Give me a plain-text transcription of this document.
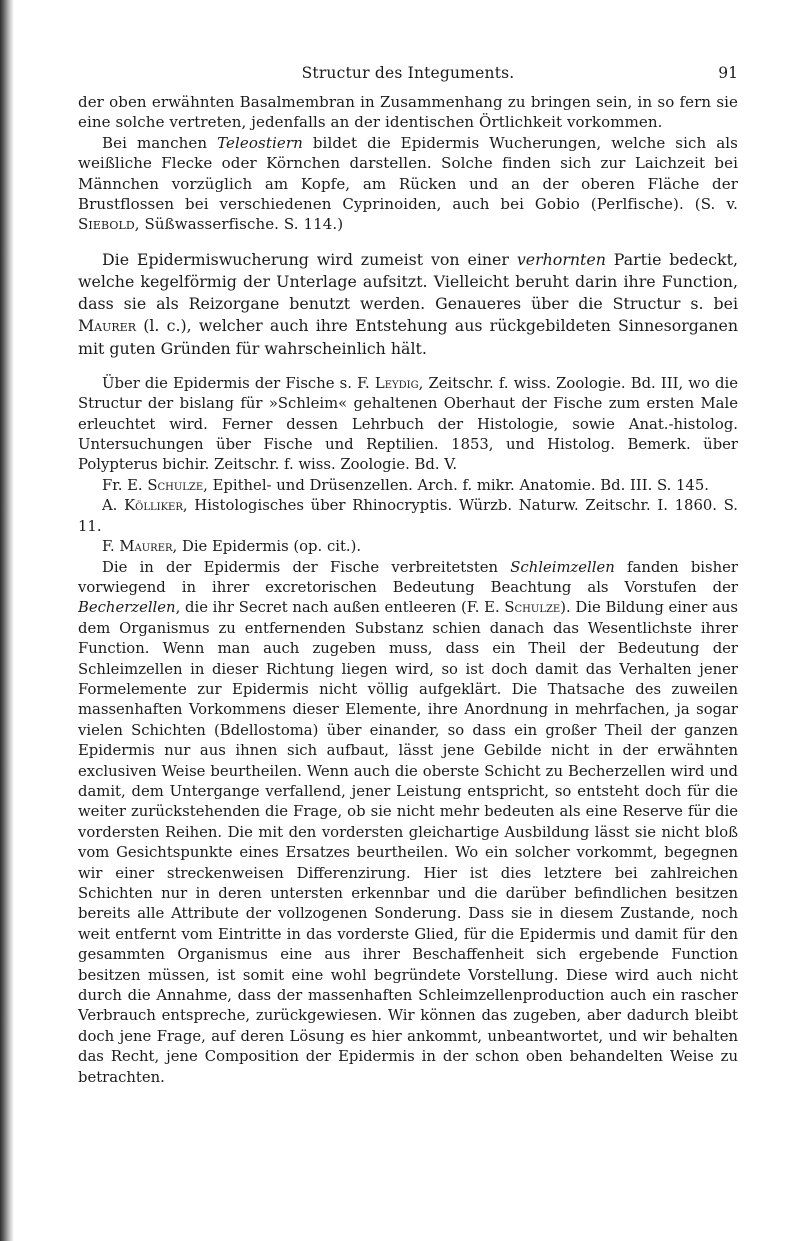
Structur des Integuments.	91

der oben erwähnten Basalmembran in Zusammenhang zu bringen sein, in so fern sie eine solche vertreten, jedenfalls an der identischen Örtlichkeit vorkommen.

Bei manchen Teleostiern bildet die Epidermis Wucherungen, welche sich als weißliche Flecke oder Körnchen darstellen. Solche finden sich zur Laichzeit bei Männchen vorzüglich am Kopfe, am Rücken und an der oberen Fläche der Brustflossen bei verschiedenen Cyprinoiden, auch bei Gobio (Perlfische). (S. v. Siebold, Süßwasserfische. S. 114.)

Die Epidermiswucherung wird zumeist von einer verhornten Partie bedeckt, welche kegelförmig der Unterlage aufsitzt. Vielleicht beruht darin ihre Function, dass sie als Reizorgane benutzt werden. Genaueres über die Structur s. bei Maurer (l. c.), welcher auch ihre Entstehung aus rückgebildeten Sinnesorganen mit guten Gründen für wahrscheinlich hält.

Über die Epidermis der Fische s. F. Leydig, Zeitschr. f. wiss. Zoologie. Bd. III, wo die Structur der bislang für »Schleim« gehaltenen Oberhaut der Fische zum ersten Male erleuchtet wird. Ferner dessen Lehrbuch der Histologie, sowie Anat.-histolog. Untersuchungen über Fische und Reptilien. 1853, und Histolog. Bemerk. über Polypterus bichir. Zeitschr. f. wiss. Zoologie. Bd. V.

Fr. E. Schulze, Epithel- und Drüsenzellen. Arch. f. mikr. Anatomie. Bd. III. S. 145.

A. Kölliker, Histologisches über Rhinocryptis. Würzb. Naturw. Zeitschr. I. 1860. S. 11.

F. Maurer, Die Epidermis (op. cit.).

Die in der Epidermis der Fische verbreitetsten Schleimzellen fanden bisher vorwiegend in ihrer excretorischen Bedeutung Beachtung als Vorstufen der Becherzellen, die ihr Secret nach außen entleeren (F. E. Schulze). Die Bildung einer aus dem Organismus zu entfernenden Substanz schien danach das Wesentlichste ihrer Function. Wenn man auch zugeben muss, dass ein Theil der Bedeutung der Schleimzellen in dieser Richtung liegen wird, so ist doch damit das Verhalten jener Formelemente zur Epidermis nicht völlig aufgeklärt. Die Thatsache des zuweilen massenhaften Vorkommens dieser Elemente, ihre Anordnung in mehrfachen, ja sogar vielen Schichten (Bdellostoma) über einander, so dass ein großer Theil der ganzen Epidermis nur aus ihnen sich aufbaut, lässt jene Gebilde nicht in der erwähnten exclusiven Weise beurtheilen. Wenn auch die oberste Schicht zu Becherzellen wird und damit, dem Untergange verfallend, jener Leistung entspricht, so entsteht doch für die weiter zurückstehenden die Frage, ob sie nicht mehr bedeuten als eine Reserve für die vordersten Reihen. Die mit den vordersten gleichartige Ausbildung lässt sie nicht bloß vom Gesichtspunkte eines Ersatzes beurtheilen. Wo ein solcher vorkommt, begegnen wir einer streckenweisen Differenzirung. Hier ist dies letztere bei zahlreichen Schichten nur in deren untersten erkennbar und die darüber befindlichen besitzen bereits alle Attribute der vollzogenen Sonderung. Dass sie in diesem Zustande, noch weit entfernt vom Eintritte in das vorderste Glied, für die Epidermis und damit für den gesammten Organismus eine aus ihrer Beschaffenheit sich ergebende Function besitzen müssen, ist somit eine wohl begründete Vorstellung. Diese wird auch nicht durch die Annahme, dass der massenhaften Schleimzellenproduction auch ein rascher Verbrauch entspreche, zurückgewiesen. Wir können das zugeben, aber dadurch bleibt doch jene Frage, auf deren Lösung es hier ankommt, unbeantwortet, und wir behalten das Recht, jene Composition der Epidermis in der schon oben behandelten Weise zu betrachten.
